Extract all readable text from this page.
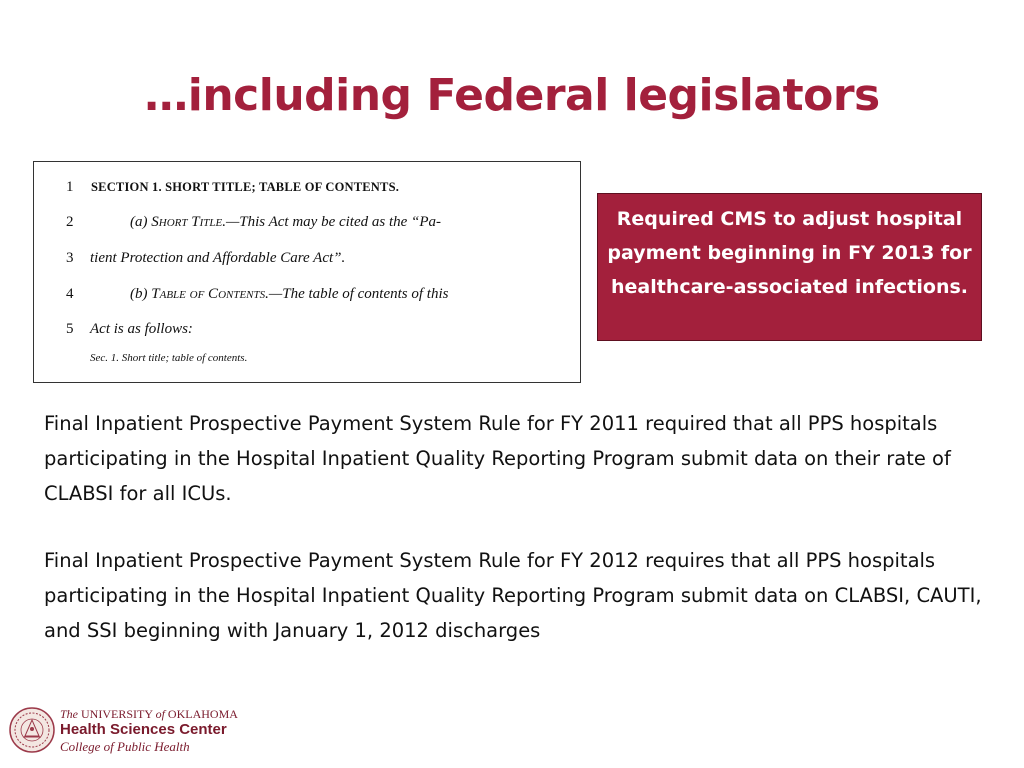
…including Federal legislators
1	SECTION 1. SHORT TITLE; TABLE OF CONTENTS.
2	(a) Short Title.—This Act may be cited as the “Pa-
3	tient Protection and Affordable Care Act”.
4	(b) Table of Contents.—The table of contents of this
5	Act is as follows:
Sec. 1. Short title; table of contents.
Required CMS to adjust hospital payment beginning in FY 2013 for healthcare-associated infections.

Final Inpatient Prospective Payment System Rule for FY 2011 required that all PPS hospitals participating in the Hospital Inpatient Quality Reporting Program submit data on their rate of CLABSI for all ICUs.

Final Inpatient Prospective Payment System Rule for FY 2012 requires that all PPS hospitals participating in the Hospital Inpatient Quality Reporting Program submit data on CLABSI, CAUTI, and SSI beginning with January 1, 2012 discharges

The UNIVERSITY of OKLAHOMA
Health Sciences Center
College of Public Health
